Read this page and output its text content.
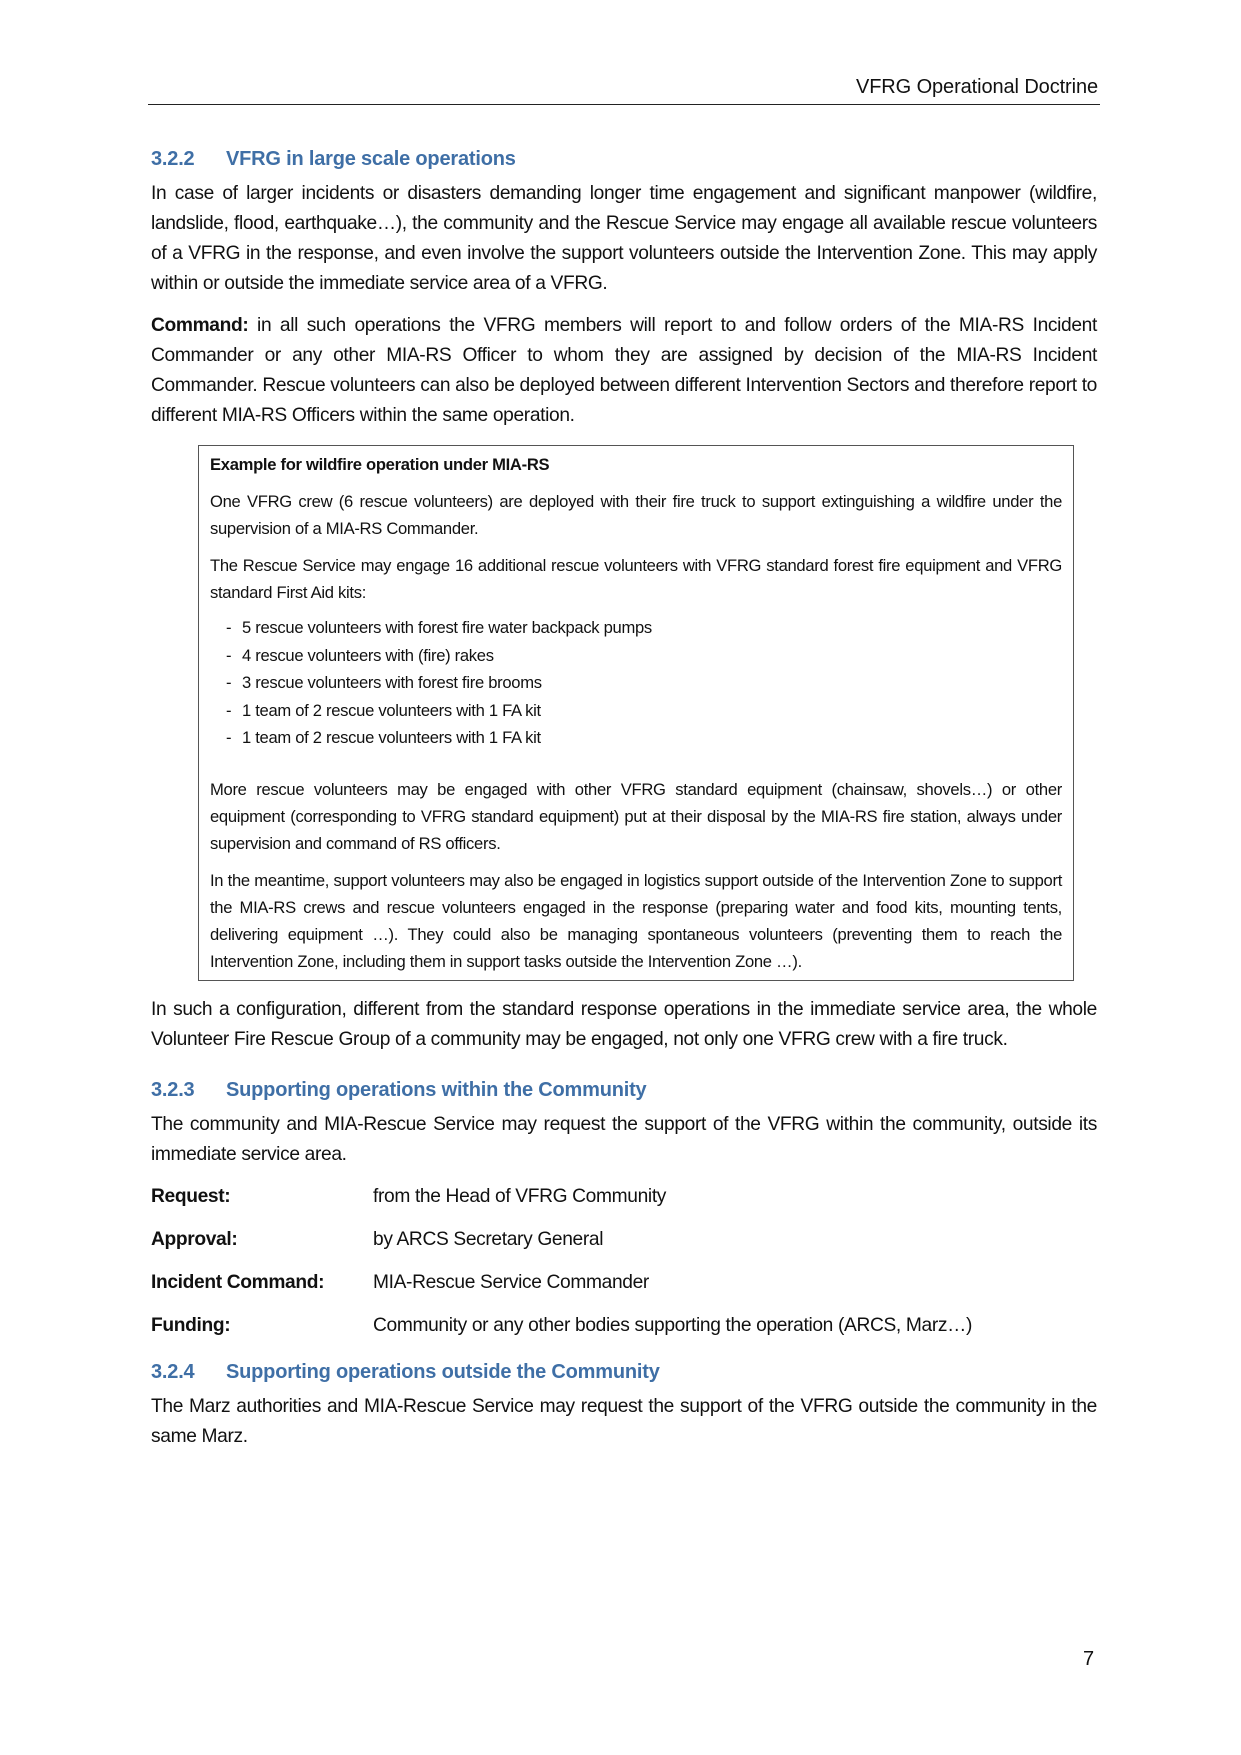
VFRG Operational Doctrine
3.2.2	VFRG in large scale operations

In case of larger incidents or disasters demanding longer time engagement and significant manpower (wildfire, landslide, flood, earthquake…), the community and the Rescue Service may engage all available rescue volunteers of a VFRG in the response, and even involve the support volunteers outside the Intervention Zone. This may apply within or outside the immediate service area of a VFRG.

Command: in all such operations the VFRG members will report to and follow orders of the MIA-RS Incident Commander or any other MIA-RS Officer to whom they are assigned by decision of the MIA-RS Incident Commander. Rescue volunteers can also be deployed between different Intervention Sectors and therefore report to different MIA-RS Officers within the same operation.

Example for wildfire operation under MIA-RS

One VFRG crew (6 rescue volunteers) are deployed with their fire truck to support extinguishing a wildfire under the supervision of a MIA-RS Commander.

The Rescue Service may engage 16 additional rescue volunteers with VFRG standard forest fire equipment and VFRG standard First Aid kits:

- 5 rescue volunteers with forest fire water backpack pumps
- 4 rescue volunteers with (fire) rakes
- 3 rescue volunteers with forest fire brooms
- 1 team of 2 rescue volunteers with 1 FA kit
- 1 team of 2 rescue volunteers with 1 FA kit

More rescue volunteers may be engaged with other VFRG standard equipment (chainsaw, shovels…) or other equipment (corresponding to VFRG standard equipment) put at their disposal by the MIA-RS fire station, always under supervision and command of RS officers.

In the meantime, support volunteers may also be engaged in logistics support outside of the Intervention Zone to support the MIA-RS crews and rescue volunteers engaged in the response (preparing water and food kits, mounting tents, delivering equipment …). They could also be managing spontaneous volunteers (preventing them to reach the Intervention Zone, including them in support tasks outside the Intervention Zone …).

In such a configuration, different from the standard response operations in the immediate service area, the whole Volunteer Fire Rescue Group of a community may be engaged, not only one VFRG crew with a fire truck.

3.2.3	Supporting operations within the Community

The community and MIA-Rescue Service may request the support of the VFRG within the community, outside its immediate service area.

Request:	from the Head of VFRG Community
Approval:	by ARCS Secretary General
Incident Command:	MIA-Rescue Service Commander
Funding:	Community or any other bodies supporting the operation (ARCS, Marz…)
3.2.4	Supporting operations outside the Community

The Marz authorities and MIA-Rescue Service may request the support of the VFRG outside the community in the same Marz.

7
